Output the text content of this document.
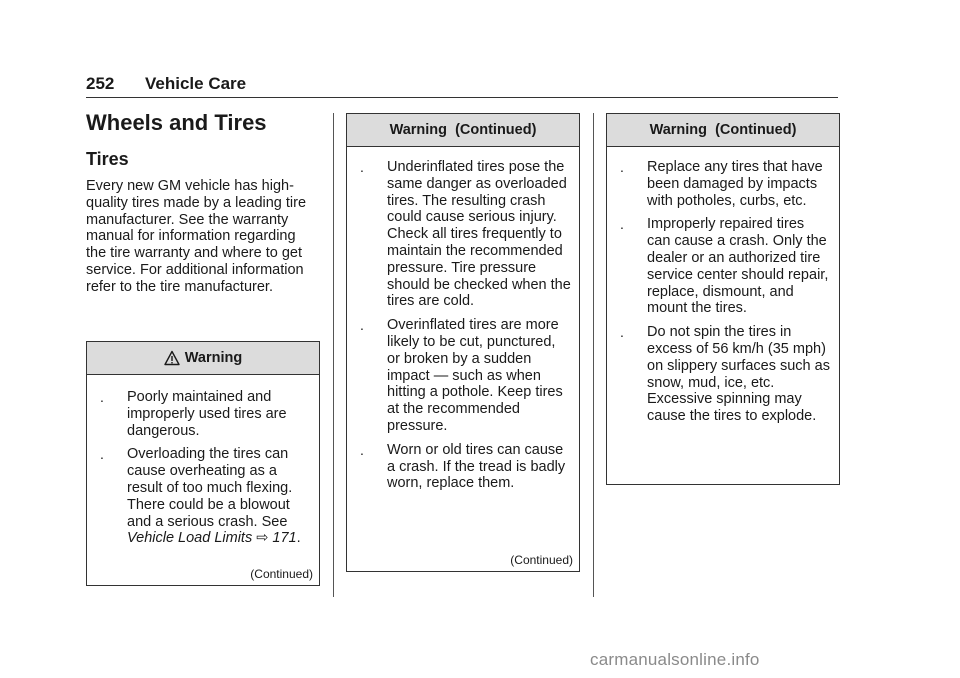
252 Vehicle Care
Wheels and Tires
Tires
Every new GM vehicle has high-quality tires made by a leading tire manufacturer. See the warranty manual for information regarding the tire warranty and where to get service. For additional information refer to the tire manufacturer.
Warning
.	Poorly maintained and improperly used tires are dangerous.
.	Overloading the tires can cause overheating as a result of too much flexing. There could be a blowout and a serious crash. See Vehicle Load Limits ⇨ 171.
(Continued)
Warning  (Continued)
.	Underinflated tires pose the same danger as overloaded tires. The resulting crash could cause serious injury. Check all tires frequently to maintain the recommended pressure. Tire pressure should be checked when the tires are cold.
.	Overinflated tires are more likely to be cut, punctured, or broken by a sudden impact — such as when hitting a pothole. Keep tires at the recommended pressure.
.	Worn or old tires can cause a crash. If the tread is badly worn, replace them.
(Continued)
Warning  (Continued)
.	Replace any tires that have been damaged by impacts with potholes, curbs, etc.
.	Improperly repaired tires can cause a crash. Only the dealer or an authorized tire service center should repair, replace, dismount, and mount the tires.
.	Do not spin the tires in excess of 56 km/h (35 mph) on slippery surfaces such as snow, mud, ice, etc. Excessive spinning may cause the tires to explode.
carmanualsonline.info
